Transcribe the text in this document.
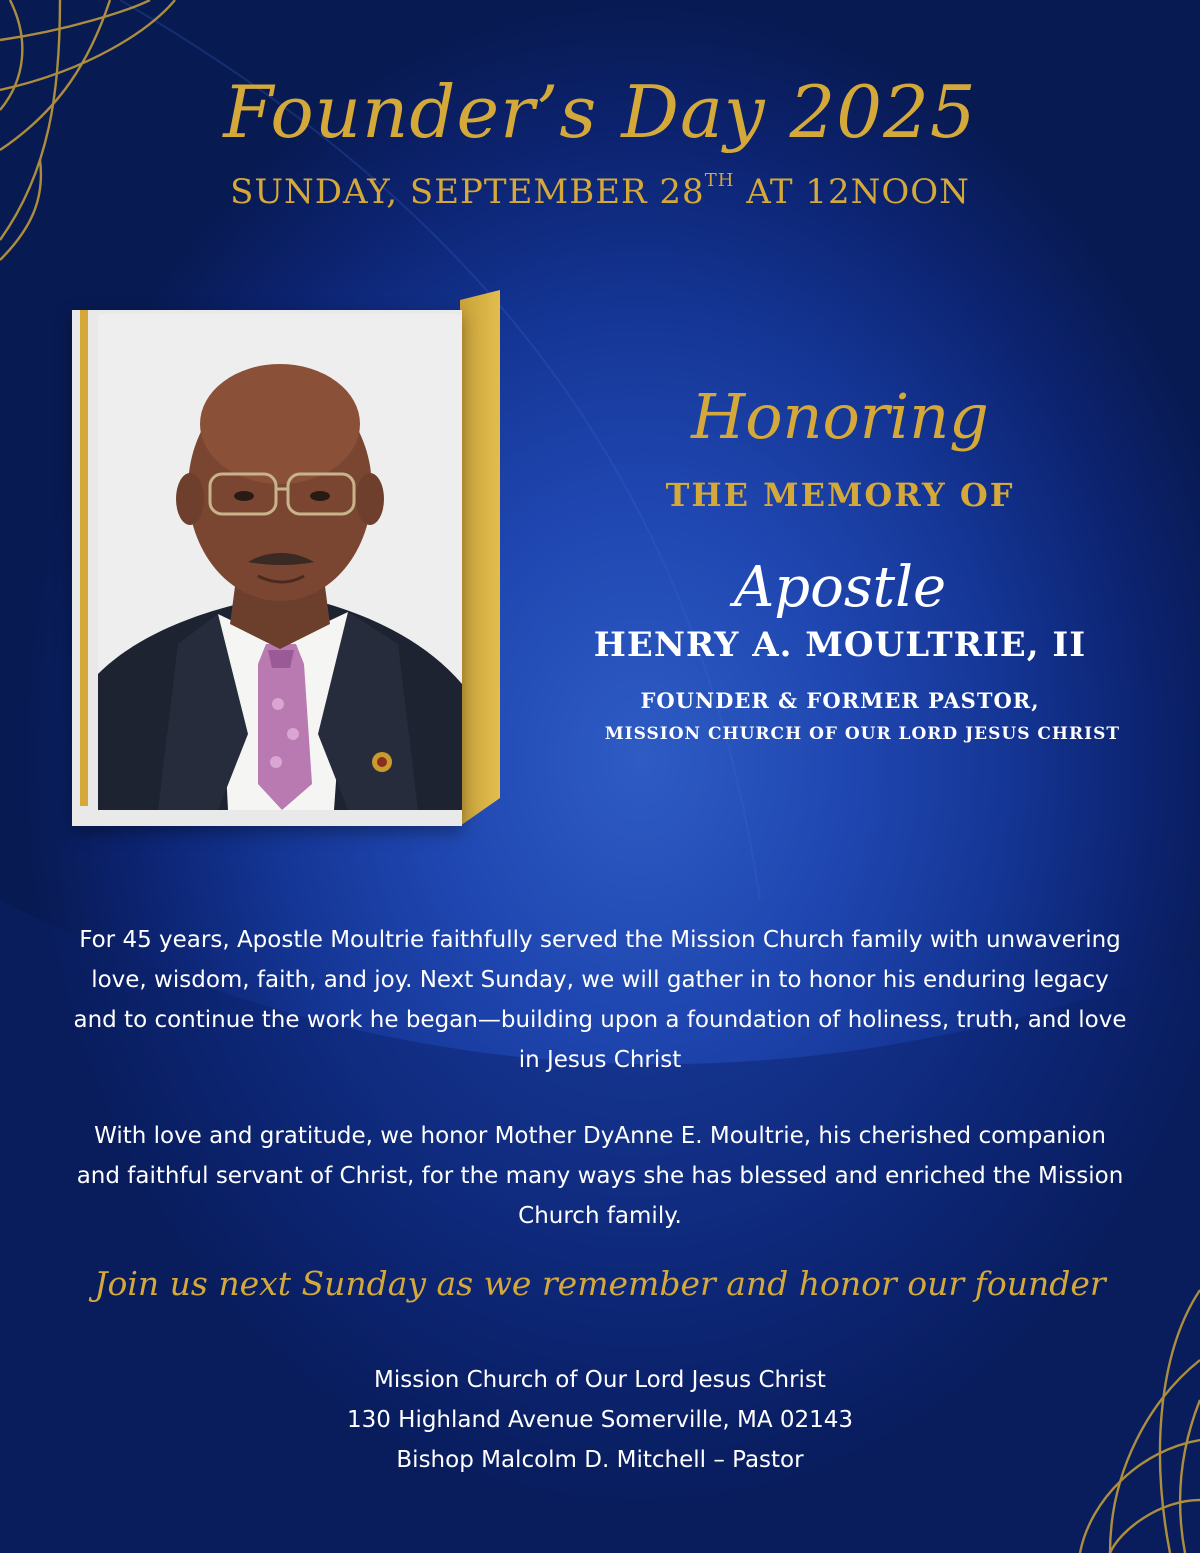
Founder’s Day 2025
SUNDAY, SEPTEMBER 28TH AT 12NOON
Honoring
THE MEMORY OF
Apostle
HENRY A. MOULTRIE, II
FOUNDER & FORMER PASTOR,
MISSION CHURCH OF OUR LORD JESUS CHRIST
For 45 years, Apostle Moultrie faithfully served the Mission Church family with unwavering love, wisdom, faith, and joy. Next Sunday, we will gather in to honor his enduring legacy and to continue the work he began—building upon a foundation of holiness, truth, and love in Jesus Christ
With love and gratitude, we honor Mother DyAnne E. Moultrie, his cherished companion and faithful servant of Christ, for the many ways she has blessed and enriched the Mission Church family.
Join us next Sunday as we remember and honor our founder
Mission Church of Our Lord Jesus Christ
130 Highland Avenue Somerville, MA 02143
Bishop Malcolm D. Mitchell – Pastor
